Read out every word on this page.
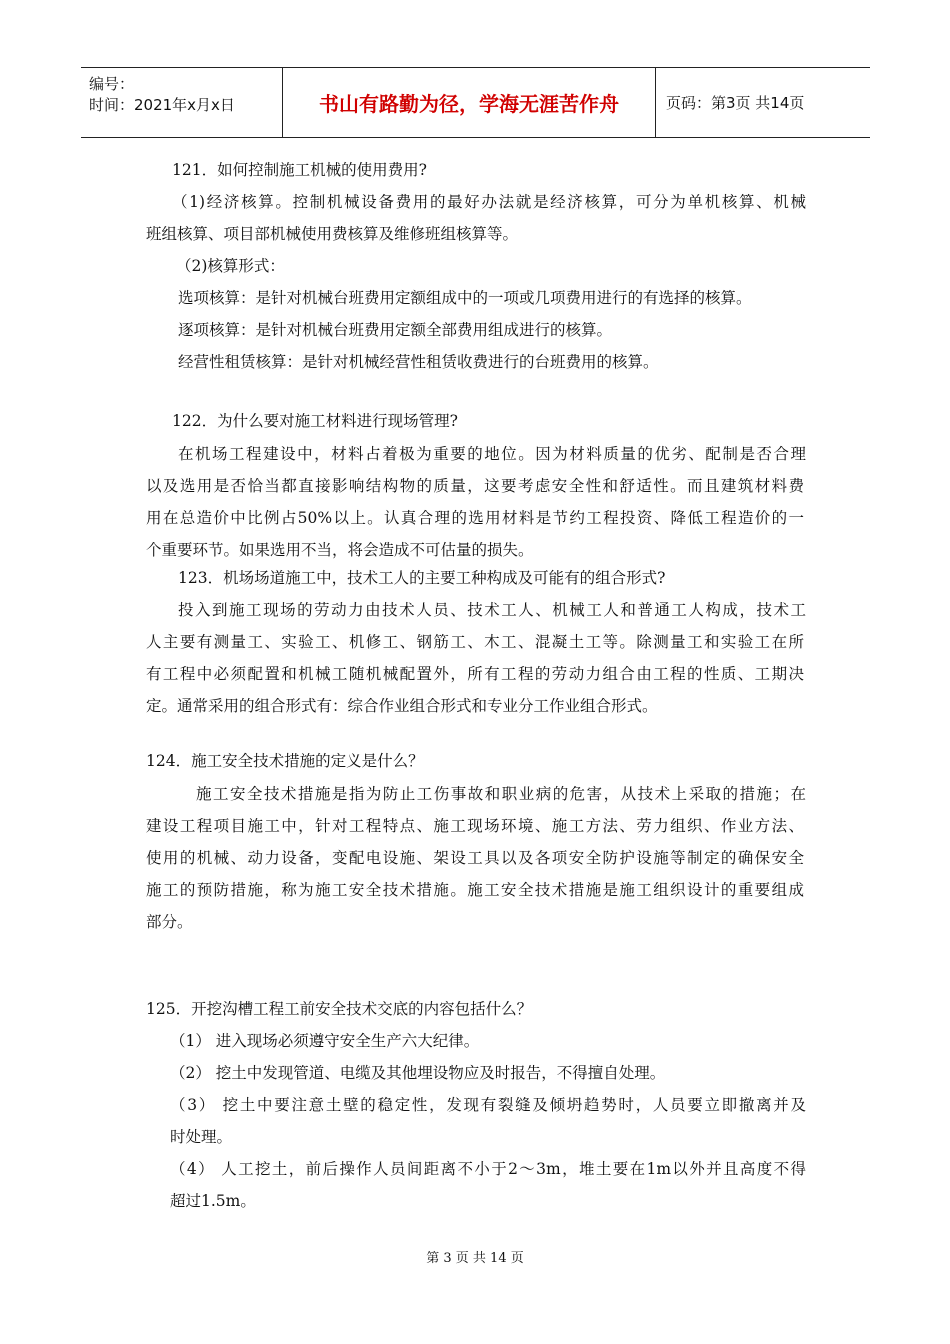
编号：
时间：2021年x月x日	书山有路勤为径，学海无涯苦作舟	页码：第3页 共14页
121．如何控制施工机械的使用费用?
（1)经济核算。控制机械设备费用的最好办法就是经济核算，可分为单机核算、机械
班组核算、项目部机械使用费核算及维修班组核算等。
（2)核算形式：
选项核算：是针对机械台班费用定额组成中的一项或几项费用进行的有选择的核算。
逐项核算：是针对机械台班费用定额全部费用组成进行的核算。
经营性租赁核算：是针对机械经营性租赁收费进行的台班费用的核算。
122．为什么要对施工材料进行现场管理?
在机场工程建设中，材料占着极为重要的地位。因为材料质量的优劣、配制是否合理
以及选用是否恰当都直接影响结构物的质量，这要考虑安全性和舒适性。而且建筑材料费
用在总造价中比例占50%以上。认真合理的选用材料是节约工程投资、降低工程造价的一
个重要环节。如果选用不当，将会造成不可估量的损失。
123．机场场道施工中，技术工人的主要工种构成及可能有的组合形式?
投入到施工现场的劳动力由技术人员、技术工人、机械工人和普通工人构成，技术工
人主要有测量工、实验工、机修工、钢筋工、木工、混凝土工等。除测量工和实验工在所
有工程中必须配置和机械工随机械配置外，所有工程的劳动力组合由工程的性质、工期决
定。通常采用的组合形式有：综合作业组合形式和专业分工作业组合形式。
124．施工安全技术措施的定义是什么？
施工安全技术措施是指为防止工伤事故和职业病的危害，从技术上采取的措施；在
建设工程项目施工中，针对工程特点、施工现场环境、施工方法、劳力组织、作业方法、
使用的机械、动力设备，变配电设施、架设工具以及各项安全防护设施等制定的确保安全
施工的预防措施，称为施工安全技术措施。施工安全技术措施是施工组织设计的重要组成
部分。
125．开挖沟槽工程工前安全技术交底的内容包括什么？
（1） 进入现场必须遵守安全生产六大纪律。
（2） 挖土中发现管道、电缆及其他埋设物应及时报告，不得擅自处理。
（3） 挖土中要注意土壁的稳定性，发现有裂缝及倾坍趋势时，人员要立即撤离并及
时处理。
（4） 人工挖土，前后操作人员间距离不小于2～3m，堆土要在1m以外并且高度不得
超过1.5m。
第 3 页 共 14 页
